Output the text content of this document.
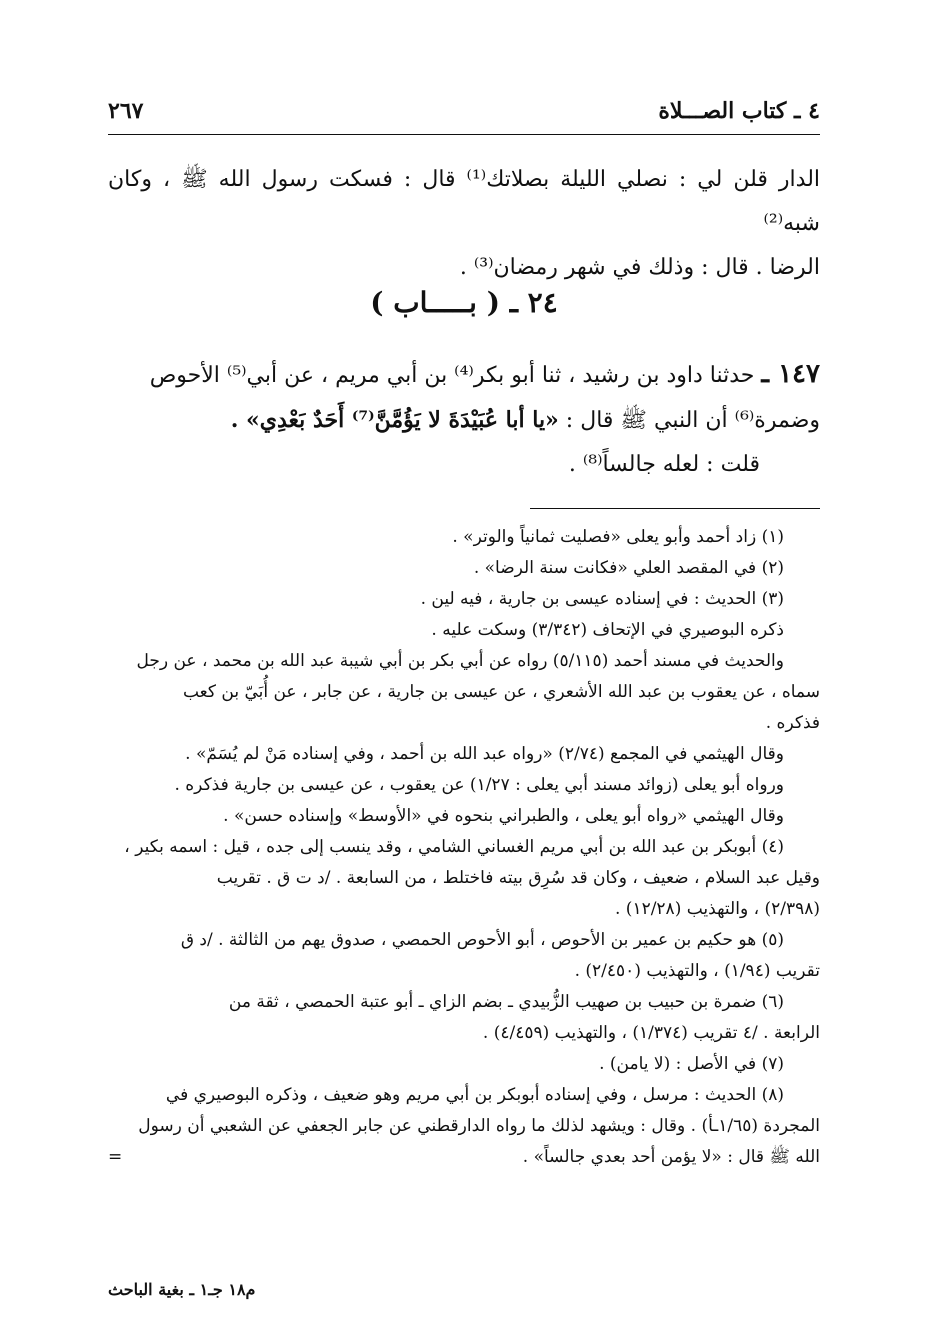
٤ ـ كتاب الصـــلاة
٢٦٧

الدار قلن لي : نصلي الليلة بصلاتك⁽¹⁾ قال : فسكت رسول الله ﷺ ، وكان شبه⁽²⁾

الرضا . قال : وذلك في شهر رمضان⁽³⁾ .

٢٤ ـ ( بـــــاب )

١٤٧ ـ حدثنا داود بن رشيد ، ثنا أبو بكر⁽⁴⁾ بن أبي مريم ، عن أبي⁽⁵⁾ الأحوص

وضمرة⁽⁶⁾ أن النبي ﷺ قال : «يا أبا عُبَيْدَةَ لا يَؤُمَّنَّ⁽⁷⁾ أَحَدٌ بَعْدِي» .

قلت : لعله جالساً⁽⁸⁾ .

(١) زاد أحمد وأبو يعلى «فصليت ثمانياً والوتر» .

(٢) في المقصد العلي «فكانت سنة الرضا» .

(٣) الحديث : في إسناده عيسى بن جارية ، فيه لين .

ذكره البوصيري في الإتحاف (٣/٣٤٢) وسكت عليه .

والحديث في مسند أحمد (٥/١١٥) رواه عن أبي بكر بن أبي شيبة عبد الله بن محمد ، عن رجل

سماه ، عن يعقوب بن عبد الله الأشعري ، عن عيسى بن جارية ، عن جابر ، عن أُبَيّ بن كعب

فذكره .

وقال الهيثمي في المجمع (٢/٧٤) «رواه عبد الله بن أحمد ، وفي إسناده مَنْ لم يُسَمّ» .

ورواه أبو يعلى (زوائد مسند أبي يعلى : ١/٢٧) عن يعقوب ، عن عيسى بن جارية فذكره .

وقال الهيثمي «رواه أبو يعلى ، والطبراني بنحوه في «الأوسط» وإسناده حسن» .

(٤) أبوبكر بن عبد الله بن أبي مريم الغساني الشامي ، وقد ينسب إلى جده ، قيل : اسمه بكير ،

وقيل عبد السلام ، ضعيف ، وكان قد سُرِق بيته فاختلط ، من السابعة . /د ت ق . تقريب

(٢/٣٩٨) ، والتهذيب (١٢/٢٨) .

(٥) هو حكيم بن عمير بن الأحوص ، أبو الأحوص الحمصي ، صدوق يهم من الثالثة . /د ق

تقريب (١/٩٤) ، والتهذيب (٢/٤٥٠) .

(٦) ضمرة بن حبيب بن صهيب الزُّبيدي ـ بضم الزاي ـ أبو عتبة الحمصي ، ثقة من

الرابعة . /٤ تقريب (١/٣٧٤) ، والتهذيب (٤/٤٥٩) .

(٧) في الأصل : (لا يامن) .

(٨) الحديث : مرسل ، وفي إسناده أبوبكر بن أبي مريم وهو ضعيف ، وذكره البوصيري في

المجردة (١/٦٥ـأ) . وقال : ويشهد لذلك ما رواه الدارقطني عن جابر الجعفي عن الشعبي أن رسول

الله ﷺ قال : «لا يؤمن أحد بعدي جالساً» .
=

م١٨ جـ١ ـ بغية الباحث
